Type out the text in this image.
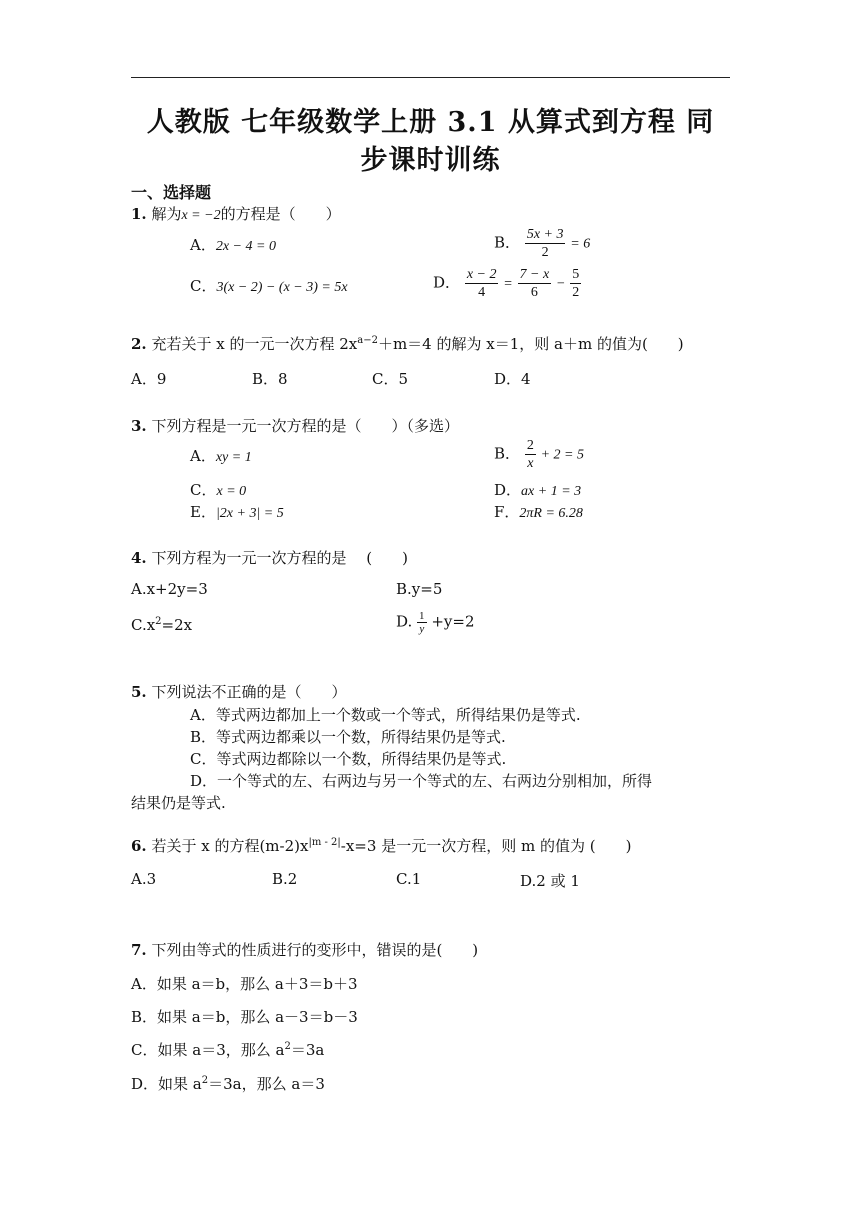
人教版 七年级数学上册 3.1 从算式到方程 同
步课时训练
一、选择题
1. 解为x = −2的方程是（　　）
A．2x − 4 = 0	B． $\frac{5x + 3}{2} = 6$
C．3(x − 2) − (x − 3) = 5x	D． $\frac{x - 2}{4} = \frac{7 - x}{6} - \frac{5}{2}$
2. 充若关于 x 的一元一次方程 $2x^{a-2}+m=4$ 的解为 x＝1，则 a＋m 的值为(　　)
A．9	B．8	C．5	D．4
3. 下列方程是一元一次方程的是（　　）（多选）
A．xy = 1	B． $\frac{2}{x} + 2 = 5$
C．x = 0	D．ax + 1 = 3
E．|2x + 3| = 5	F．2πR = 6.28
4. 下列方程为一元一次方程的是　 (　　)
A.x+2y=3	B.y=5
$C.x^2=2x$	D. $\frac{1}{y} +y=2$
5. 下列说法不正确的是（　　）
A．等式两边都加上一个数或一个等式，所得结果仍是等式.
B．等式两边都乘以一个数，所得结果仍是等式.
C．等式两边都除以一个数，所得结果仍是等式.
D．一个等式的左、右两边与另一个等式的左、右两边分别相加，所得
结果仍是等式.
6. 若关于 x 的方程$(m-2)x^{|m - 2|}-x=3$ 是一元一次方程，则 m 的值为 (　　)
A.3	B.2	C.1	D.2 或 1
7. 下列由等式的性质进行的变形中，错误的是(　　)
A．如果 a＝b，那么 a＋3＝b＋3
B．如果 a＝b，那么 a－3＝b－3
C．如果 a＝3，那么 $a^2=3a$
D．如果 $a^2=3a$，那么 a＝3
